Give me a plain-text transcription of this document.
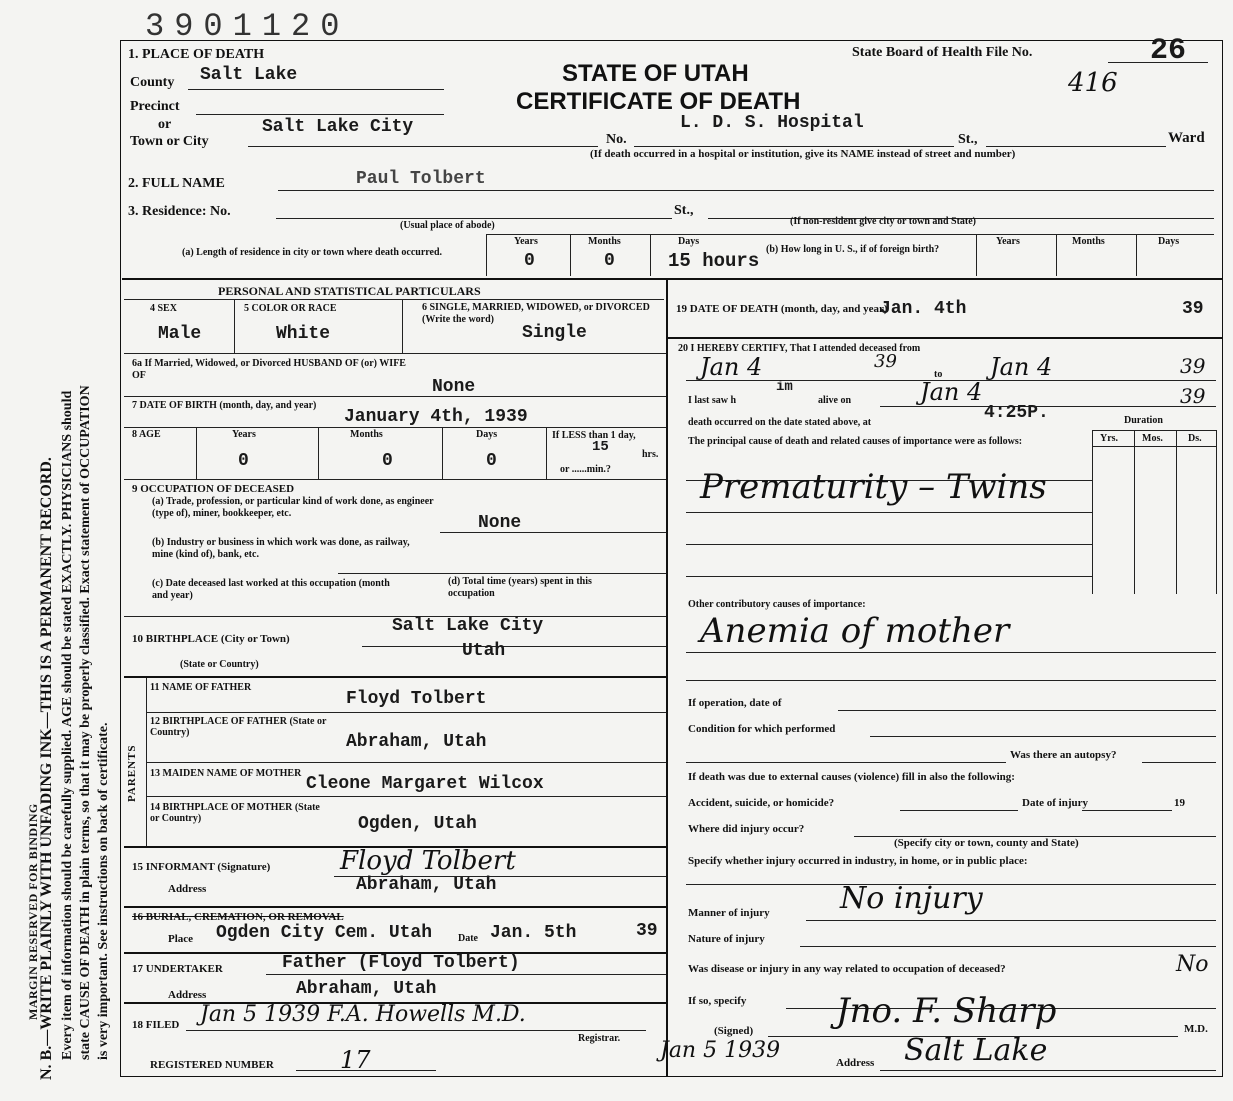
MARGIN RESERVED FOR BINDING
N. B.—WRITE PLAINLY WITH UNFADING INK—THIS IS A PERMANENT RECORD. Every item of information should be carefully supplied. AGE should be stated EXACTLY. PHYSICIANS should state CAUSE OF DEATH in plain terms, so that it may be properly classified. Exact statement of OCCUPATION is very important. See instructions on back of certificate.
3901120
1. PLACE OF DEATH	State Board of Health File No.	26
416
STATE OF UTAH
CERTIFICATE OF DEATH
County Salt Lake
Precinct
or
Town or City
Salt Lake City
No.
L. D. S. Hospital
St.,	Ward
(If death occurred in a hospital or institution, give its NAME instead of street and number)
2. FULL NAME	Paul Tolbert
3. Residence: No.	St.,
(Usual place of abode)	(If non-resident give city or town and State)
(a) Length of residence in city or town where death occurred.
Years	Months	Days
0	0	15 hours
(b) How long in U. S., if of foreign birth?
Years	Months	Days
PERSONAL AND STATISTICAL PARTICULARS
4 SEX
Male
5 COLOR OR RACE
White
6 SINGLE, MARRIED, WIDOWED, or DIVORCED (Write the word)
Single
6a If Married, Widowed, or Divorced HUSBAND OF (or) WIFE OF
None
7 DATE OF BIRTH (month, day, and year)
January 4th, 1939
8 AGE	Years	Months	Days
0	0	0
If LESS than 1 day,
15	hrs.
or ......min.?
9 OCCUPATION OF DECEASED
(a) Trade, profession, or particular kind of work done, as engineer (type of), miner, bookkeeper, etc.	None
(b) Industry or business in which work was done, as railway, mine (kind of), bank, etc.
(c) Date deceased last worked at this occupation (month and year)
(d) Total time (years) spent in this occupation
10 BIRTHPLACE (City or Town)
Salt Lake City
(State or Country)
Utah
PARENTS
11 NAME OF FATHER
Floyd Tolbert
12 BIRTHPLACE OF FATHER (State or Country)	Abraham, Utah
13 MAIDEN NAME OF MOTHER
Cleone Margaret Wilcox
14 BIRTHPLACE OF MOTHER (State or Country)	Ogden, Utah
15 INFORMANT (Signature)	Floyd Tolbert
Address	Abraham, Utah
16 BURIAL, CREMATION, OR REMOVAL
Place Ogden City Cem. Utah	Date Jan. 5th	39
17 UNDERTAKER	Father (Floyd Tolbert)
Address	Abraham, Utah
18 FILED Jan 5 1939 F.A. Howells M.D.
Registrar.
REGISTERED NUMBER	17
19 DATE OF DEATH (month, day, and year)
Jan. 4th	39
20 I HEREBY CERTIFY, That I attended deceased from
Jan 4	39
to Jan 4	39
I last saw h
im
alive on	Jan 4	39
death occurred on the date stated above, at	4:25P.	Duration
The principal cause of death and related causes of importance were as follows:	Yrs. Mos.	Ds.
Prematurity – Twins
Other contributory causes of importance:
Anemia of mother
If operation, date of
Condition for which performed
Was there an autopsy?
If death was due to external causes (violence) fill in also the following:
Accident, suicide, or homicide?	Date of injury	19
Where did injury occur?
(Specify city or town, county and State)
Specify whether injury occurred in industry, in home, or in public place:
Manner of injury No injury
Nature of injury
Was disease or injury in any way related to occupation of deceased?	No
If so, specify
(Signed) Jno. F. Sharp	M.D.
Jan 5 1939	Address Salt Lake
